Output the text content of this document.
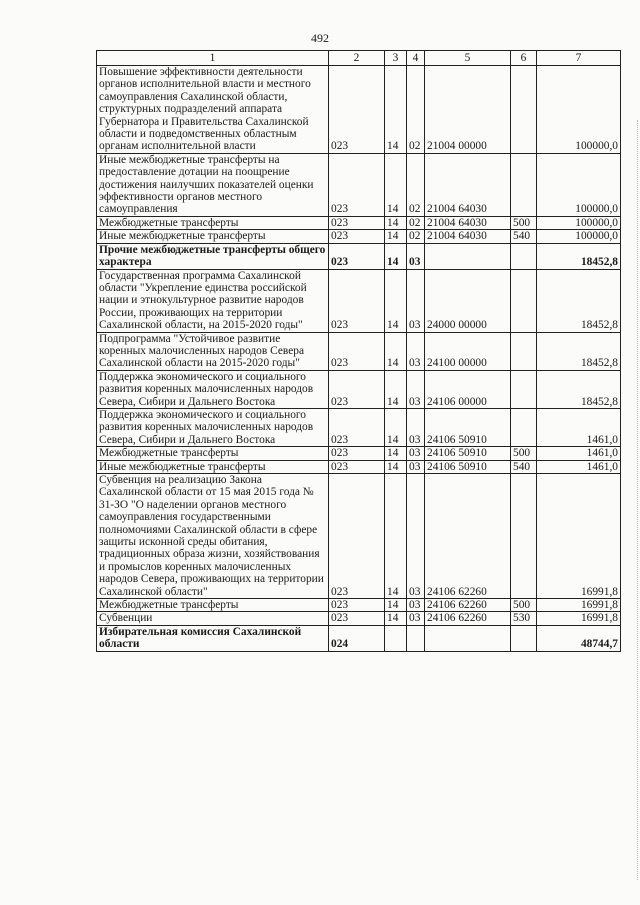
492
1	2	3	4	5	6	7
Повышение эффективности деятельности органов исполнительной власти и местного самоуправления Сахалинской области, структурных подразделений аппарата Губернатора и Правительства Сахалинской области и подведомственных областным органам исполнительной власти	023	14	02	21004 00000		100000,0
Иные межбюджетные трансферты на предоставление дотации на поощрение достижения наилучших показателей оценки эффективности органов местного самоуправления	023	14	02	21004 64030		100000,0
Межбюджетные трансферты	023	14	02	21004 64030	500	100000,0
Иные межбюджетные трансферты	023	14	02	21004 64030	540	100000,0
Прочие межбюджетные трансферты общего характера	023	14	03			18452,8
Государственная программа Сахалинской области "Укрепление единства российской нации и этнокультурное развитие народов России, проживающих на территории Сахалинской области, на 2015-2020 годы"	023	14	03	24000 00000		18452,8
Подпрограмма "Устойчивое развитие коренных малочисленных народов Севера Сахалинской области на 2015-2020 годы"	023	14	03	24100 00000		18452,8
Поддержка экономического и социального развития коренных малочисленных народов Севера, Сибири и Дальнего Востока	023	14	03	24106 00000		18452,8
Поддержка экономического и социального развития коренных малочисленных народов Севера, Сибири и Дальнего Востока	023	14	03	24106 50910		1461,0
Межбюджетные трансферты	023	14	03	24106 50910	500	1461,0
Иные межбюджетные трансферты	023	14	03	24106 50910	540	1461,0
Субвенция на реализацию Закона Сахалинской области от 15 мая 2015 года № 31-ЗО "О наделении органов местного самоуправления государственными полномочиями Сахалинской области в сфере защиты исконной среды обитания, традиционных образа жизни, хозяйствования и промыслов коренных малочисленных народов Севера, проживающих на территории Сахалинской области"	023	14	03	24106 62260		16991,8
Межбюджетные трансферты	023	14	03	24106 62260	500	16991,8
Субвенции	023	14	03	24106 62260	530	16991,8
Избирательная комиссия Сахалинской области	024					48744,7
